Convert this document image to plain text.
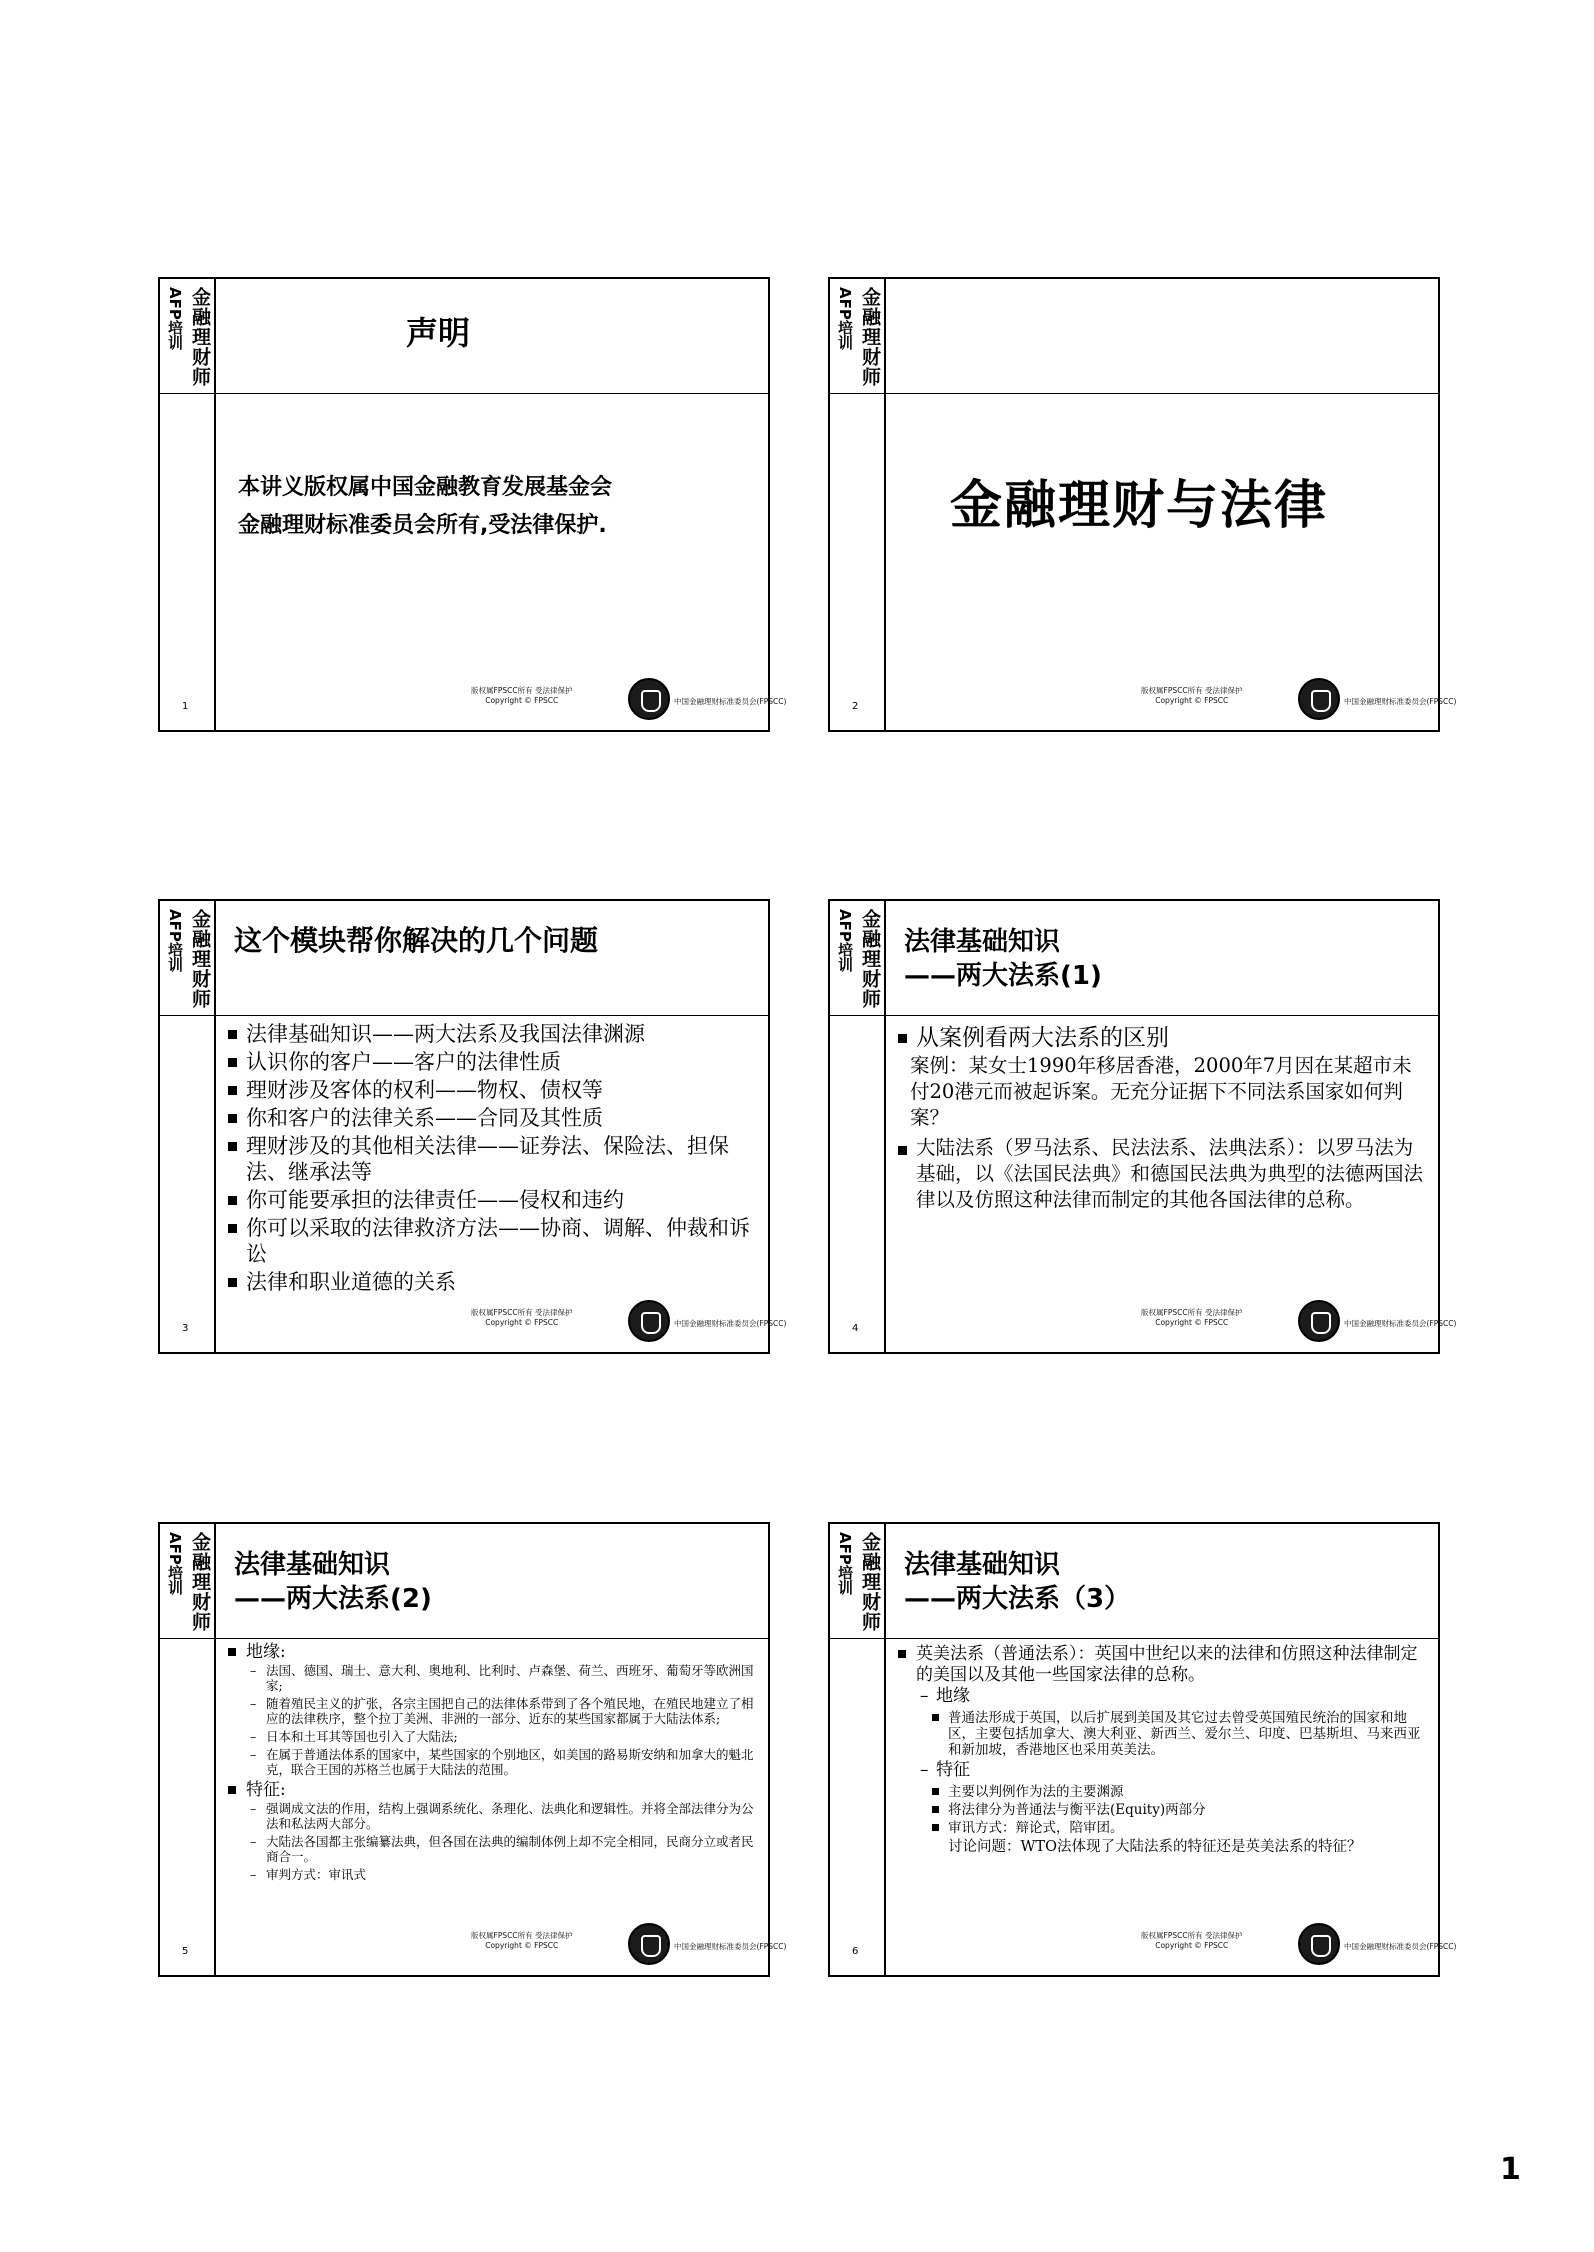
金融理财师
AFP培训
1
声明
本讲义版权属中国金融教育发展基金会
金融理财标准委员会所有,受法律保护.
版权属FPSCC所有 受法律保护
Copyright © FPSCC	中国金融理财标准委员会(FPSCC)
金融理财师
AFP培训
2
金融理财与法律
版权属FPSCC所有 受法律保护
Copyright © FPSCC	中国金融理财标准委员会(FPSCC)
金融理财师
AFP培训
3
这个模块帮你解决的几个问题
法律基础知识——两大法系及我国法律渊源
认识你的客户——客户的法律性质
理财涉及客体的权利——物权、债权等
你和客户的法律关系——合同及其性质
理财涉及的其他相关法律——证券法、保险法、担保法、继承法等
你可能要承担的法律责任——侵权和违约
你可以采取的法律救济方法——协商、调解、仲裁和诉讼
法律和职业道德的关系
版权属FPSCC所有 受法律保护
Copyright © FPSCC	中国金融理财标准委员会(FPSCC)
金融理财师
AFP培训
4
法律基础知识
——两大法系(1)
从案例看两大法系的区别
案例：某女士1990年移居香港，2000年7月因在某超市未付20港元而被起诉案。无充分证据下不同法系国家如何判案？
大陆法系（罗马法系、民法法系、法典法系）：以罗马法为基础，以《法国民法典》和德国民法典为典型的法德两国法律以及仿照这种法律而制定的其他各国法律的总称。
版权属FPSCC所有 受法律保护
Copyright © FPSCC	中国金融理财标准委员会(FPSCC)
金融理财师
AFP培训
5
法律基础知识
——两大法系(2)
地缘:
– 法国、德国、瑞士、意大利、奥地利、比利时、卢森堡、荷兰、西班牙、葡萄牙等欧洲国家;
– 随着殖民主义的扩张，各宗主国把自己的法律体系带到了各个殖民地，在殖民地建立了相应的法律秩序，整个拉丁美洲、非洲的一部分、近东的某些国家都属于大陆法体系;
– 日本和土耳其等国也引入了大陆法;
– 在属于普通法体系的国家中，某些国家的个别地区，如美国的路易斯安纳和加拿大的魁北克，联合王国的苏格兰也属于大陆法的范围。
特征:
– 强调成文法的作用，结构上强调系统化、条理化、法典化和逻辑性。并将全部法律分为公法和私法两大部分。
– 大陆法各国都主张编纂法典，但各国在法典的编制体例上却不完全相同，民商分立或者民商合一。
– 审判方式：审讯式
版权属FPSCC所有 受法律保护
Copyright © FPSCC	中国金融理财标准委员会(FPSCC)
金融理财师
AFP培训
6
法律基础知识
——两大法系（3）
英美法系（普通法系）：英国中世纪以来的法律和仿照这种法律制定的美国以及其他一些国家法律的总称。
– 地缘
普通法形成于英国，以后扩展到美国及其它过去曾受英国殖民统治的国家和地区，主要包括加拿大、澳大利亚、新西兰、爱尔兰、印度、巴基斯坦、马来西亚和新加坡，香港地区也采用英美法。
– 特征
主要以判例作为法的主要渊源
将法律分为普通法与衡平法(Equity)两部分
审讯方式：辩论式，陪审团。
讨论问题：WTO法体现了大陆法系的特征还是英美法系的特征？
版权属FPSCC所有 受法律保护
Copyright © FPSCC	中国金融理财标准委员会(FPSCC)
1
